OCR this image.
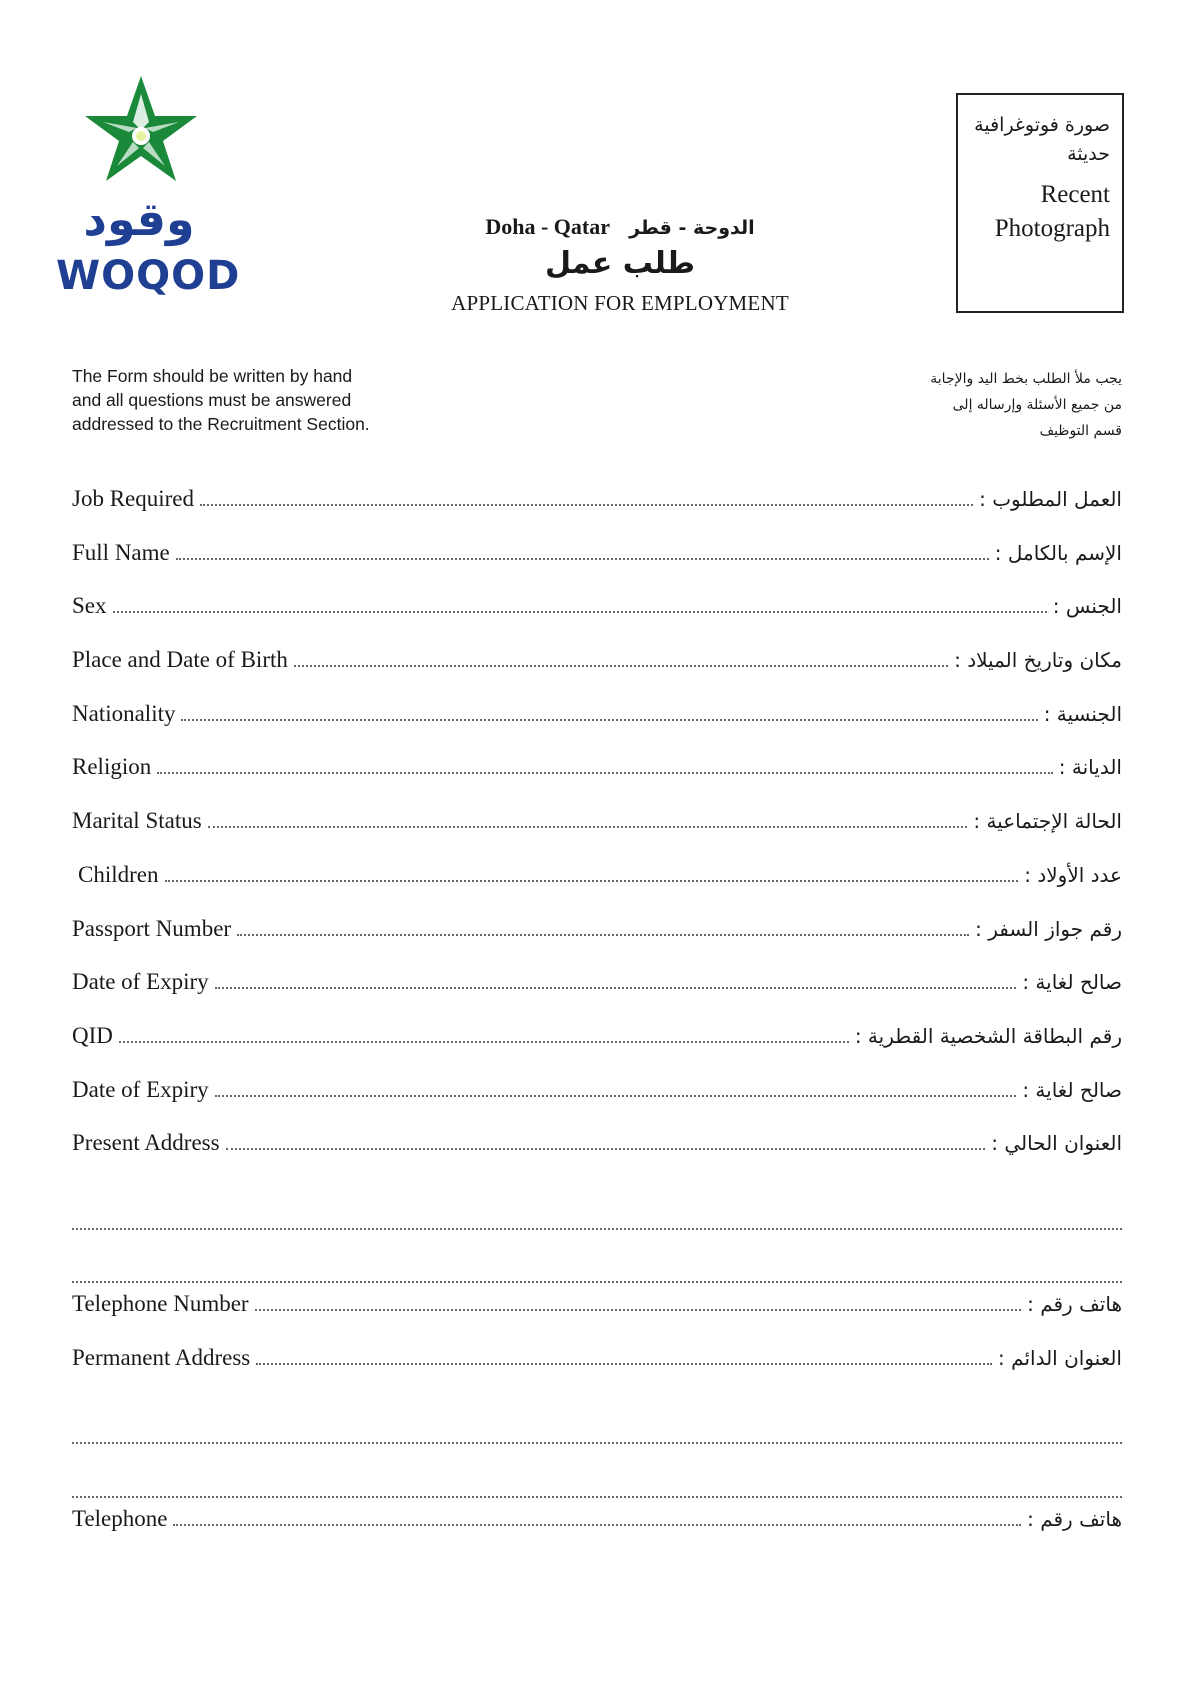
وقود
WOQOD
Doha - Qatar الدوحة - قطر
طلب عمل
APPLICATION FOR EMPLOYMENT
صورة فوتوغرافية
حديثة
Recent
Photograph
The Form should be written by hand
and all questions must be answered
addressed to the Recruitment Section.
يجب ملأ الطلب بخط اليد والإجابة
من جميع الأسئلة وإرساله إلى
قسم التوظيف
Job Required	العمل المطلوب :
Full Name	الإسم بالكامل :
Sex	الجنس :
Place and Date of Birth	مكان وتاريخ الميلاد :
Nationality	الجنسية :
Religion	الديانة :
Marital Status	الحالة الإجتماعية :
Children	عدد الأولاد :
Passport Number	رقم جواز السفر :
Date of Expiry	صالح لغاية :
QID	رقم البطاقة الشخصية القطرية :
Date of Expiry	صالح لغاية :
Present Address	العنوان الحالي :
Telephone Number	هاتف رقم :
Permanent Address	العنوان الدائم :
Telephone	هاتف رقم :
